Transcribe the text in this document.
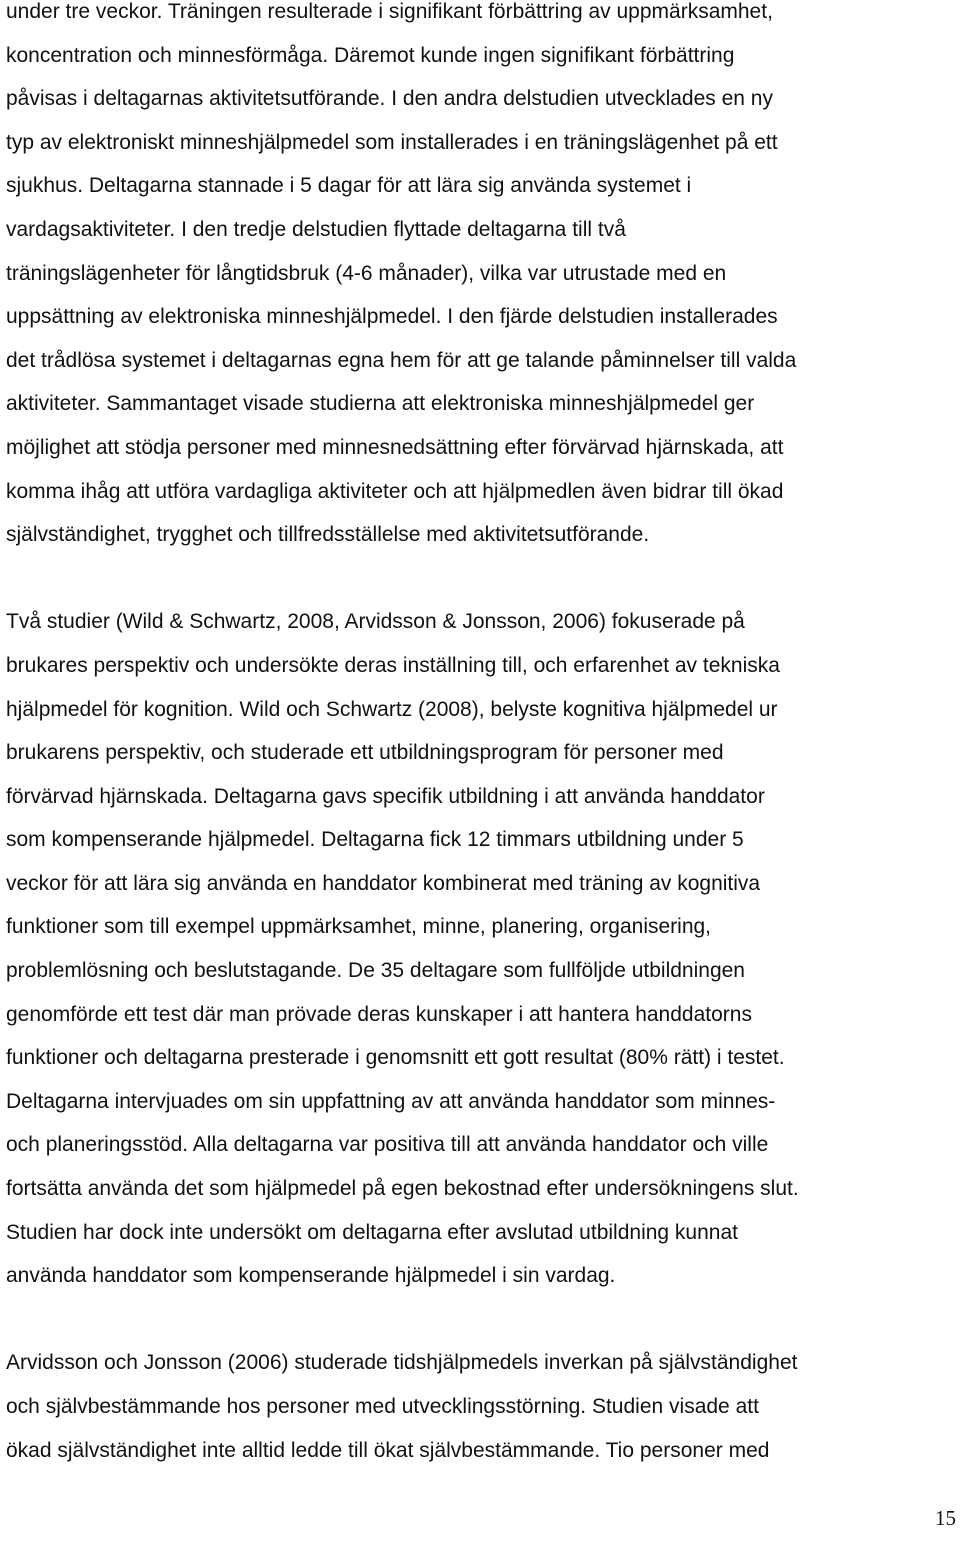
under tre veckor. Träningen resulterade i signifikant förbättring av uppmärksamhet,
koncentration och minnesförmåga. Däremot kunde ingen signifikant förbättring
påvisas i deltagarnas aktivitetsutförande. I den andra delstudien utvecklades en ny
typ av elektroniskt minneshjälpmedel som installerades i en träningslägenhet på ett
sjukhus. Deltagarna stannade i 5 dagar för att lära sig använda systemet i
vardagsaktiviteter. I den tredje delstudien flyttade deltagarna till två
träningslägenheter för långtidsbruk (4-6 månader), vilka var utrustade med en
uppsättning av elektroniska minneshjälpmedel. I den fjärde delstudien installerades
det trådlösa systemet i deltagarnas egna hem för att ge talande påminnelser till valda
aktiviteter. Sammantaget visade studierna att elektroniska minneshjälpmedel ger
möjlighet att stödja personer med minnesnedsättning efter förvärvad hjärnskada, att
komma ihåg att utföra vardagliga aktiviteter och att hjälpmedlen även bidrar till ökad
självständighet, trygghet och tillfredsställelse med aktivitetsutförande.

Två studier (Wild & Schwartz, 2008, Arvidsson & Jonsson, 2006) fokuserade på
brukares perspektiv och undersökte deras inställning till, och erfarenhet av tekniska
hjälpmedel för kognition. Wild och Schwartz (2008), belyste kognitiva hjälpmedel ur
brukarens perspektiv, och studerade ett utbildningsprogram för personer med
förvärvad hjärnskada. Deltagarna gavs specifik utbildning i att använda handdator
som kompenserande hjälpmedel. Deltagarna fick 12 timmars utbildning under 5
veckor för att lära sig använda en handdator kombinerat med träning av kognitiva
funktioner som till exempel uppmärksamhet, minne, planering, organisering,
problemlösning och beslutstagande. De 35 deltagare som fullföljde utbildningen
genomförde ett test där man prövade deras kunskaper i att hantera handdatorns
funktioner och deltagarna presterade i genomsnitt ett gott resultat (80% rätt) i testet.
Deltagarna intervjuades om sin uppfattning av att använda handdator som minnes-
och planeringsstöd. Alla deltagarna var positiva till att använda handdator och ville
fortsätta använda det som hjälpmedel på egen bekostnad efter undersökningens slut.
Studien har dock inte undersökt om deltagarna efter avslutad utbildning kunnat
använda handdator som kompenserande hjälpmedel i sin vardag.

Arvidsson och Jonsson (2006) studerade tidshjälpmedels inverkan på självständighet
och självbestämmande hos personer med utvecklingsstörning. Studien visade att
ökad självständighet inte alltid ledde till ökat självbestämmande. Tio personer med

15
